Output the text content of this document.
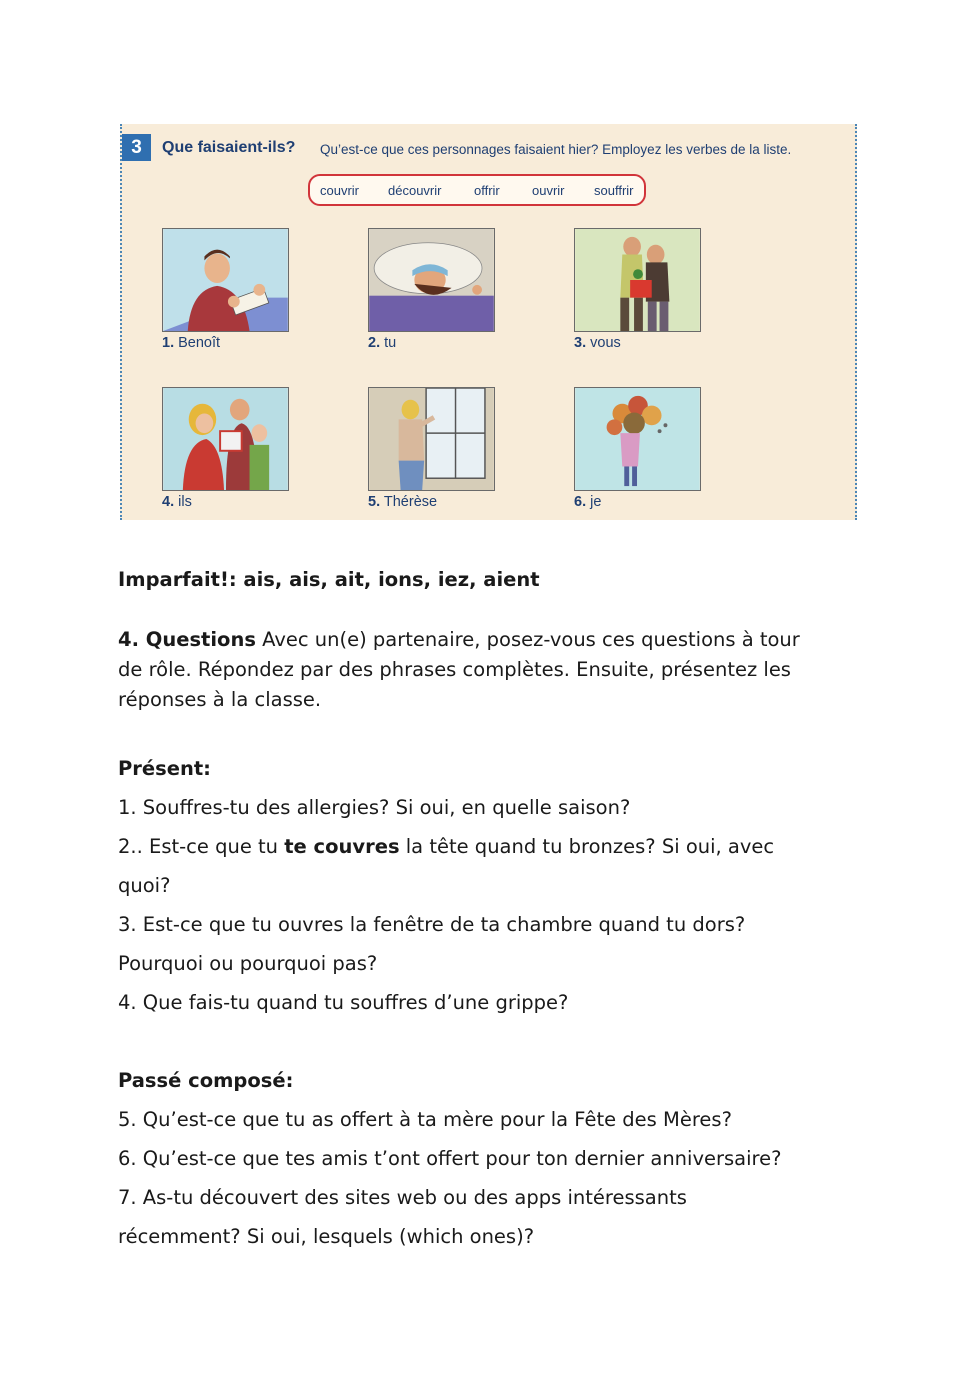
3	Que faisaient-ils? Qu’est-ce que ces personnages faisaient hier? Employez les verbes de la liste.
couvrir découvrir	offrir ouvrir souffrir
1. Benoît	2. tu	3. vous
4. ils	5. Thérèse	6. je
Imparfait!: ais, ais, ait, ions, iez, aient
4. Questions Avec un(e) partenaire, posez-vous ces questions à tour
de rôle. Répondez par des phrases complètes. Ensuite, présentez les
réponses à la classe.
Présent:
1. Souffres-tu des allergies? Si oui, en quelle saison?
2.. Est-ce que tu te couvres la tête quand tu bronzes? Si oui, avec
quoi?
3. Est-ce que tu ouvres la fenêtre de ta chambre quand tu dors?
Pourquoi ou pourquoi pas?
4. Que fais-tu quand tu souffres d’une grippe?
Passé composé:
5. Qu’est-ce que tu as offert à ta mère pour la Fête des Mères?
6. Qu’est-ce que tes amis t’ont offert pour ton dernier anniversaire?
7. As-tu découvert des sites web ou des apps intéressants
récemment? Si oui, lesquels (which ones)?
